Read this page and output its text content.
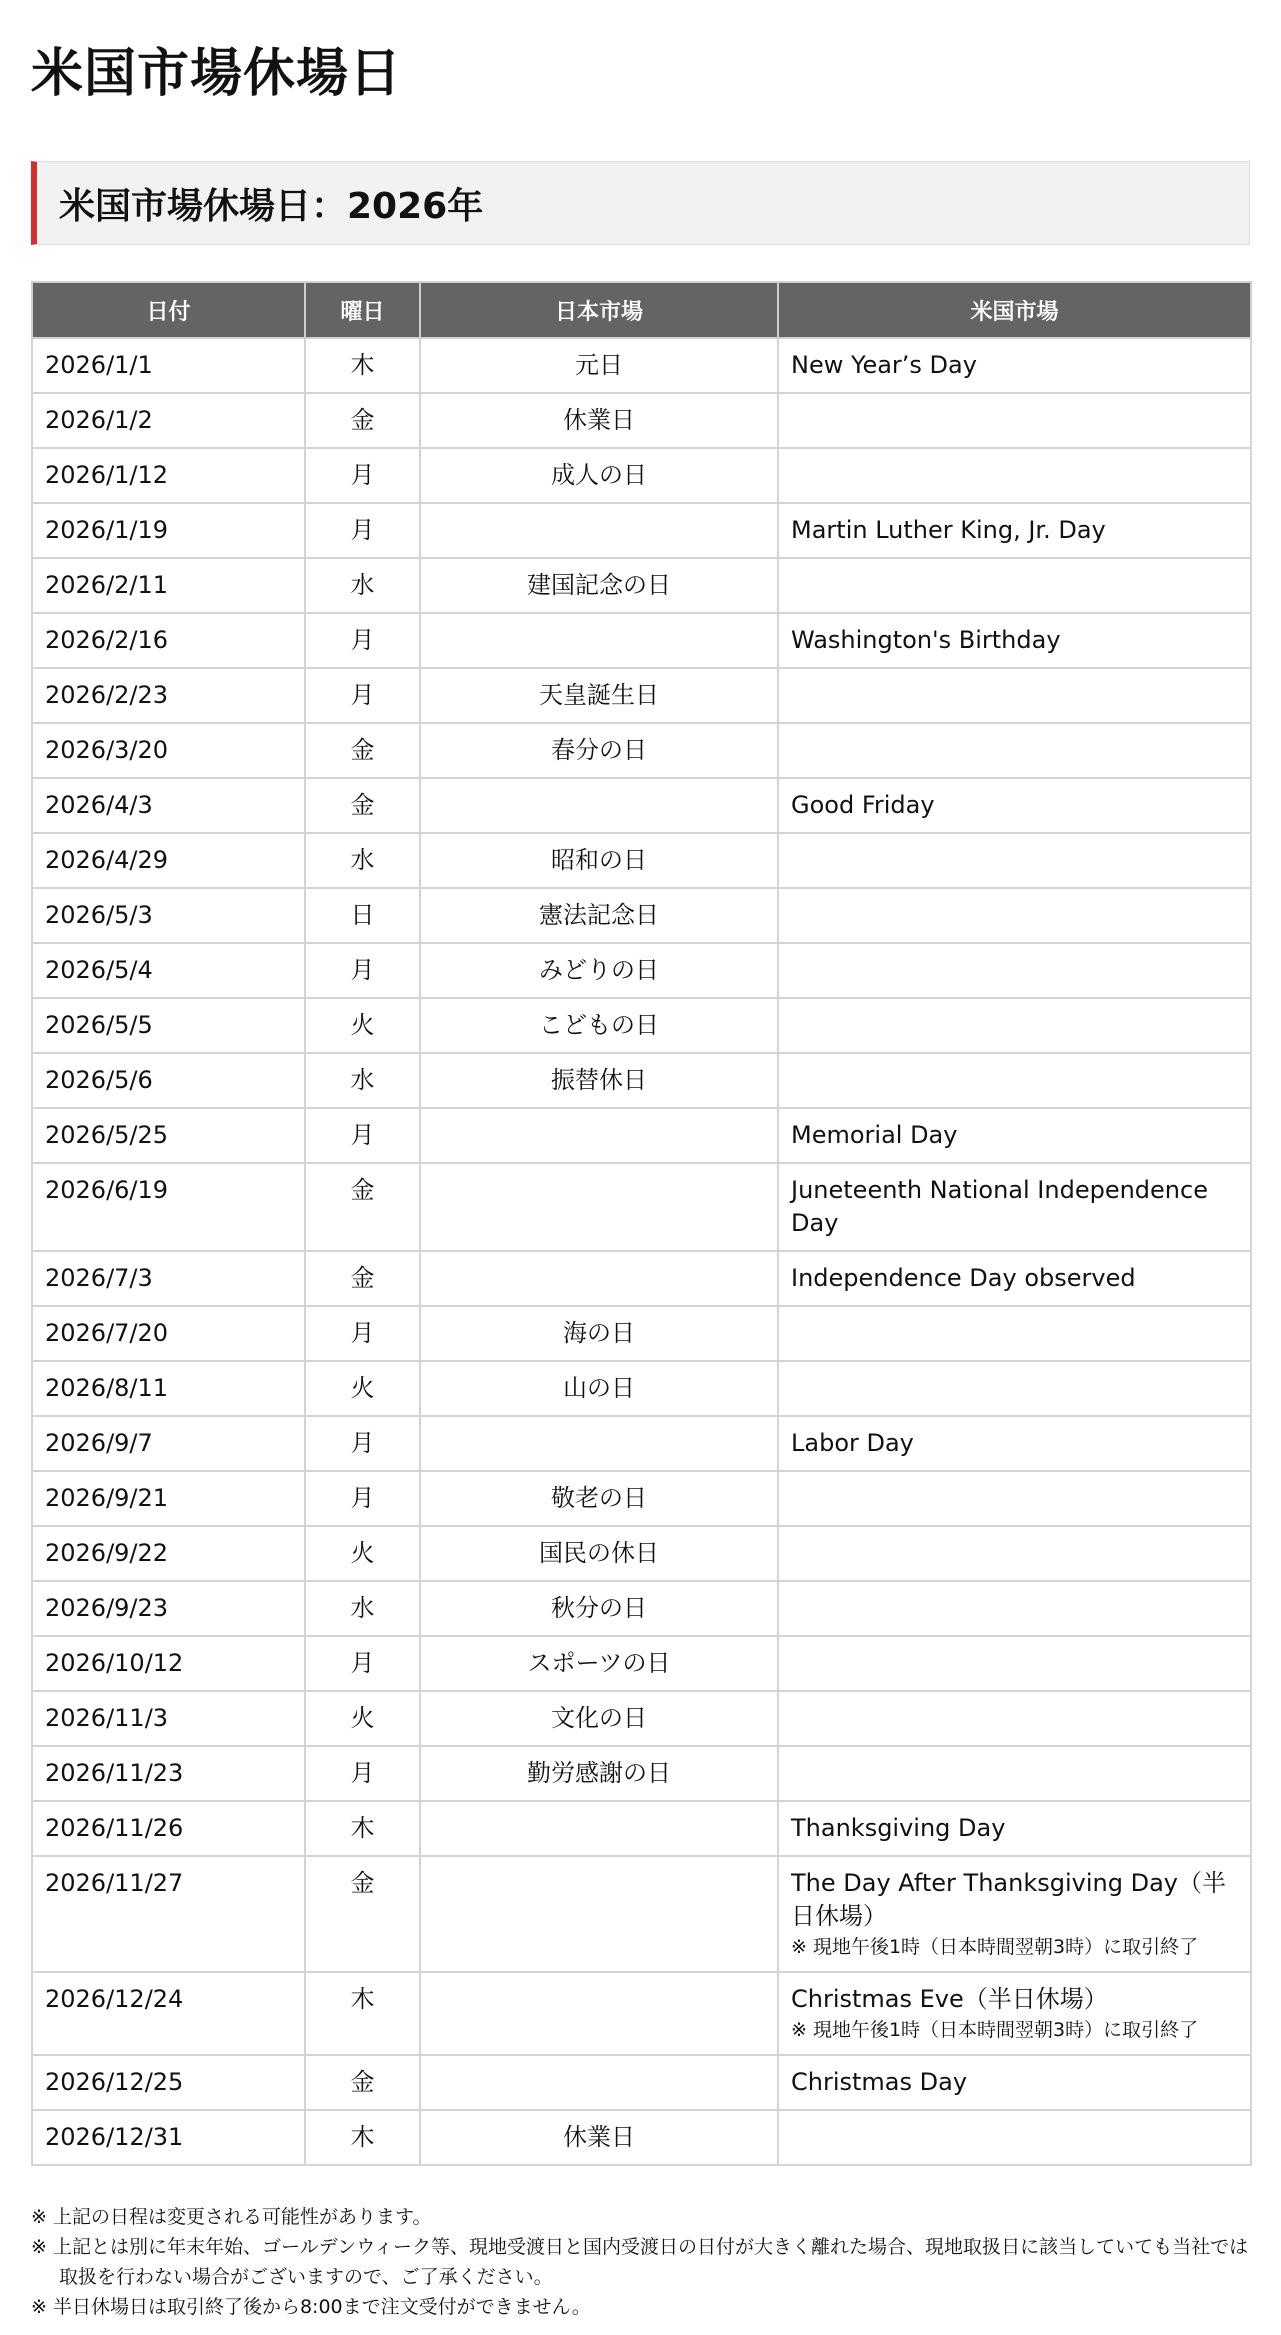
米国市場休場日
米国市場休場日：2026年
日付	曜日	日本市場	米国市場
2026/1/1	木	元日	New Year’s Day
2026/1/2	金	休業日	
2026/1/12	月	成人の日	
2026/1/19	月		Martin Luther King, Jr. Day
2026/2/11	水	建国記念の日	
2026/2/16	月		Washington's Birthday
2026/2/23	月	天皇誕生日	
2026/3/20	金	春分の日	
2026/4/3	金		Good Friday
2026/4/29	水	昭和の日	
2026/5/3	日	憲法記念日	
2026/5/4	月	みどりの日	
2026/5/5	火	こどもの日	
2026/5/6	水	振替休日	
2026/5/25	月		Memorial Day
2026/6/19	金		Juneteenth National Independence Day
2026/7/3	金		Independence Day observed
2026/7/20	月	海の日	
2026/8/11	火	山の日	
2026/9/7	月		Labor Day
2026/9/21	月	敬老の日	
2026/9/22	火	国民の休日	
2026/9/23	水	秋分の日	
2026/10/12	月	スポーツの日	
2026/11/3	火	文化の日	
2026/11/23	月	勤労感謝の日	
2026/11/26	木		Thanksgiving Day
2026/11/27	金		The Day After Thanksgiving Day（半日休場）
※ 現地午後1時（日本時間翌朝3時）に取引終了

2026/12/24	木		Christmas Eve（半日休場）
※ 現地午後1時（日本時間翌朝3時）に取引終了

2026/12/25	金		Christmas Day
2026/12/31	木	休業日	
※ 上記の日程は変更される可能性があります。
※ 上記とは別に年末年始、ゴールデンウィーク等、現地受渡日と国内受渡日の日付が大きく離れた場合、現地取扱日に該当していても当社では取扱を行わない場合がございますので、ご了承ください。
※ 半日休場日は取引終了後から8:00まで注文受付ができません。
